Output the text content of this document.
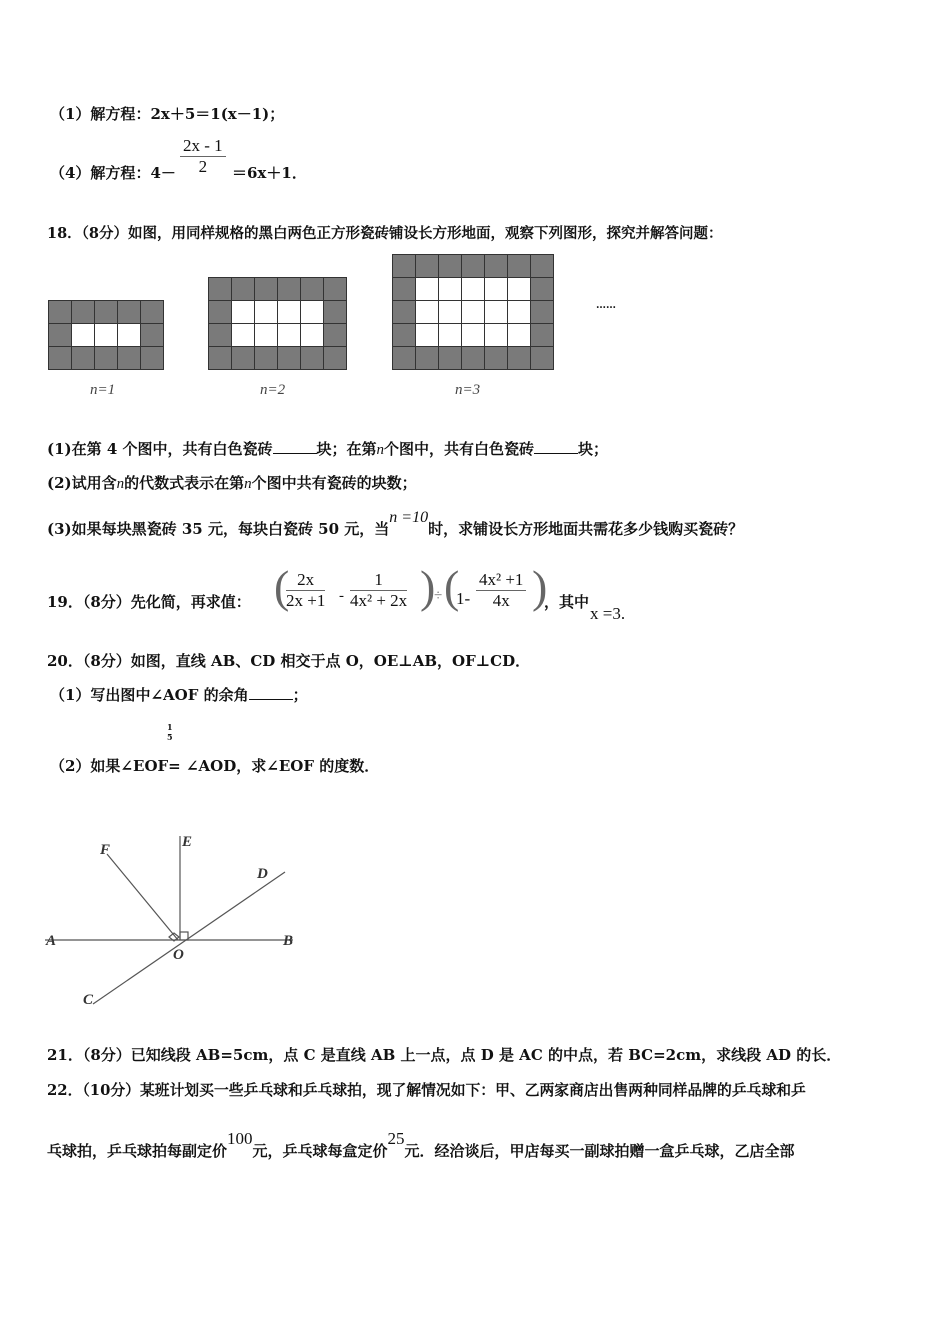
（1）解方程：2x＋5＝1(x－1)；
（4）解方程：$4- \frac{2x - 1}{2} =6x+1$．
18．（8分）如图，用同样规格的黑白两色正方形瓷砖铺设长方形地面，观察下列图形，探究并解答问题：
n=1	n=2	n=3
……
(1)在第 4 个图中，共有白色瓷砖	块；在第n个图中，共有白色瓷砖	块；
(2)试用含n的代数式表示在第n个图中共有瓷砖的块数；
(3)如果每块黑瓷砖 35 元，每块白瓷砖 50 元，当n =10时，求铺设长方形地面共需花多少钱购买瓷砖？
19．（8分）先化简，再求值： (
$\frac{2x}{2x +1} - \frac{1}{\text{4x² + 2x}}$ )
÷ (
$1- \frac{\text{4x² +1}}{4x}$ )
，其中
x =3.
20．（8分）如图，直线 AB、CD 相交于点 O，OE⊥AB，OF⊥CD．
（1）写出图中∠AOF 的余角	；
1
5
（2）如果∠EOF= ∠AOD，求∠EOF 的度数．
A	B
C
D
E
F
O
21．（8分）已知线段 AB=5cm，点 C 是直线 AB 上一点，点 D 是 AC 的中点，若 BC=2cm，求线段 AD 的长．
22．（10分）某班计划买一些乒乓球和乒乓球拍，现了解情况如下：甲、乙两家商店出售两种同样品牌的乒乓球和乒
乓球拍，乒乓球拍每副定价100元，乒乓球每盒定价25元．经洽谈后，甲店每买一副球拍赠一盒乒乓球，乙店全部
